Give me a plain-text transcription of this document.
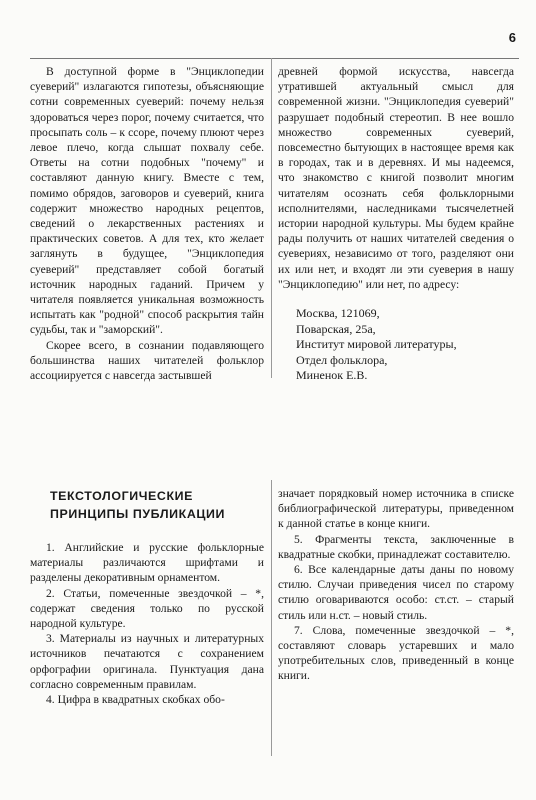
6

В доступной форме в "Энциклопедии суеверий" излагаются гипотезы, объясняющие сотни современных суеверий: почему нельзя здороваться через порог, почему считается, что просыпать соль – к ссоре, почему плюют через левое плечо, когда слышат похвалу себе. Ответы на сотни подобных "почему" и составляют данную книгу. Вместе с тем, помимо обрядов, заговоров и суеверий, книга содержит множество народных рецептов, сведений о лекарственных растениях и практических советов. А для тех, кто желает заглянуть в будущее, "Энциклопедия суеверий" представляет собой богатый источник народных гаданий. Причем у читателя появляется уникальная возможность испытать как "родной" способ раскрытия тайн судьбы, так и "заморский".

Скорее всего, в сознании подавляющего большинства наших читателей фольклор ассоциируется с навсегда застывшей

древней формой искусства, навсегда утратившей актуальный смысл для современной жизни. "Энциклопедия суеверий" разрушает подобный стереотип. В нее вошло множество современных суеверий, повсеместно бытующих в настоящее время как в городах, так и в деревнях. И мы надеемся, что знакомство с книгой позволит многим читателям осознать себя фольклорными исполнителями, наследниками тысячелетней истории народной культуры. Мы будем крайне рады получить от наших читателей сведения о суевериях, независимо от того, разделяют они их или нет, и входят ли эти суеверия в нашу "Энциклопедию" или нет, по адресу:

Москва, 121069,
Поварская, 25а,
Институт мировой литературы,
Отдел фольклора,
Миненок Е.В.
ТЕКСТОЛОГИЧЕСКИЕ
ПРИНЦИПЫ ПУБЛИКАЦИИ

1. Английские и русские фольклорные материалы различаются шрифтами и разделены декоративным орнаментом.

2. Статьи, помеченные звездочкой – *, содержат сведения только по русской народной культуре.

3. Материалы из научных и литературных источников печатаются с сохранением орфографии оригинала. Пунктуация дана согласно современным правилам.

4. Цифра в квадратных скобках обо-

значает порядковый номер источника в списке библиографической литературы, приведенном к данной статье в конце книги.

5. Фрагменты текста, заключенные в квадратные скобки, принадлежат составителю.

6. Все календарные даты даны по новому стилю. Случаи приведения чисел по старому стилю оговариваются особо: ст.ст. – старый стиль или н.ст. – новый стиль.

7. Слова, помеченные звездочкой – *, составляют словарь устаревших и мало употребительных слов, приведенный в конце книги.
